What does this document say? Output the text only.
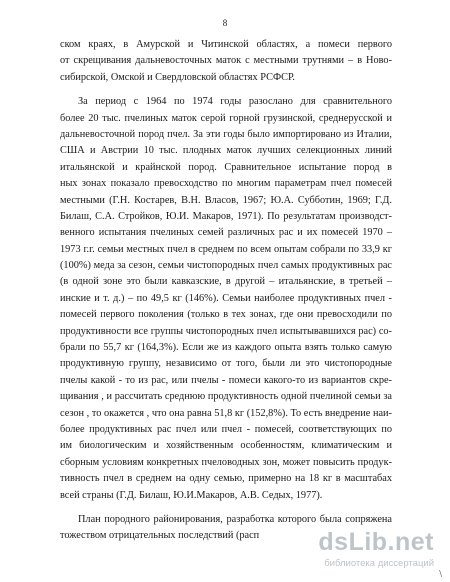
8
ском краях, в Амурской и Читинской областях, а помеси первого
от скрещивания дальневосточных маток с местными трутнями – в Ново-
сибирской, Омской и Свердловской областях РСФСР.
За период с 1964 по 1974 годы разослано для сравнительного
более 20 тыс. пчелиных маток серой горной грузинской, среднерусской и
дальневосточной пород пчел. За эти годы было импортировано из Италии,
США и Австрии 10 тыс. плодных маток лучших селекционных линий
итальянской и крайнской пород. Сравнительное испытание пород в
ных зонах показало превосходство по многим параметрам пчел помесей
местными (Г.Н. Костарев, В.Н. Власов, 1967; Ю.А. Субботин, 1969; Г.Д.
Билаш, С.А. Стройков, Ю.И. Макаров, 1971). По результатам производст-
венного испытания пчелиных семей различных рас и их помесей 1970 –
1973 г.г. семьи местных пчел в среднем по всем опытам собрали по 33,9 кг
(100%) меда за сезон, семьи чистопородных пчел самых продуктивных рас
(в одной зоне это были кавказские, в другой – итальянские, в третьей –
инские и т. д.) – по 49,5 кг (146%). Семьи наиболее продуктивных пчел -
помесей первого поколения (только в тех зонах, где они превосходили по
продуктивности все группы чистопородных пчел испытывавшихся рас) со-
брали по 55,7 кг (164,3%). Если же из каждого опыта взять только самую
продуктивную группу, независимо от того, были ли это чистопородные
пчелы какой - то из рас, или пчелы - помеси какого-то из вариантов скре-
щивания , и рассчитать среднюю продуктивность одной пчелиной семьи за
сезон , то окажется , что она равна 51,8 кг (152,8%). То есть внедрение наи-
более продуктивных рас пчел или пчел - помесей, соответствующих по
им биологическим и хозяйственным особенностям, климатическим и
сборным условиям конкретных пчеловодных зон, может повысить продук-
тивность пчел в среднем на одну семью, примерно на 18 кг в масштабах
всей страны (Г.Д. Билаш, Ю.И.Макаров, А.В. Седых, 1977).
План породного районирования, разработка которого была сопряжена
тожеством отрицательных последствий (расп	dsLib.net
библиотека диссертаций
\
